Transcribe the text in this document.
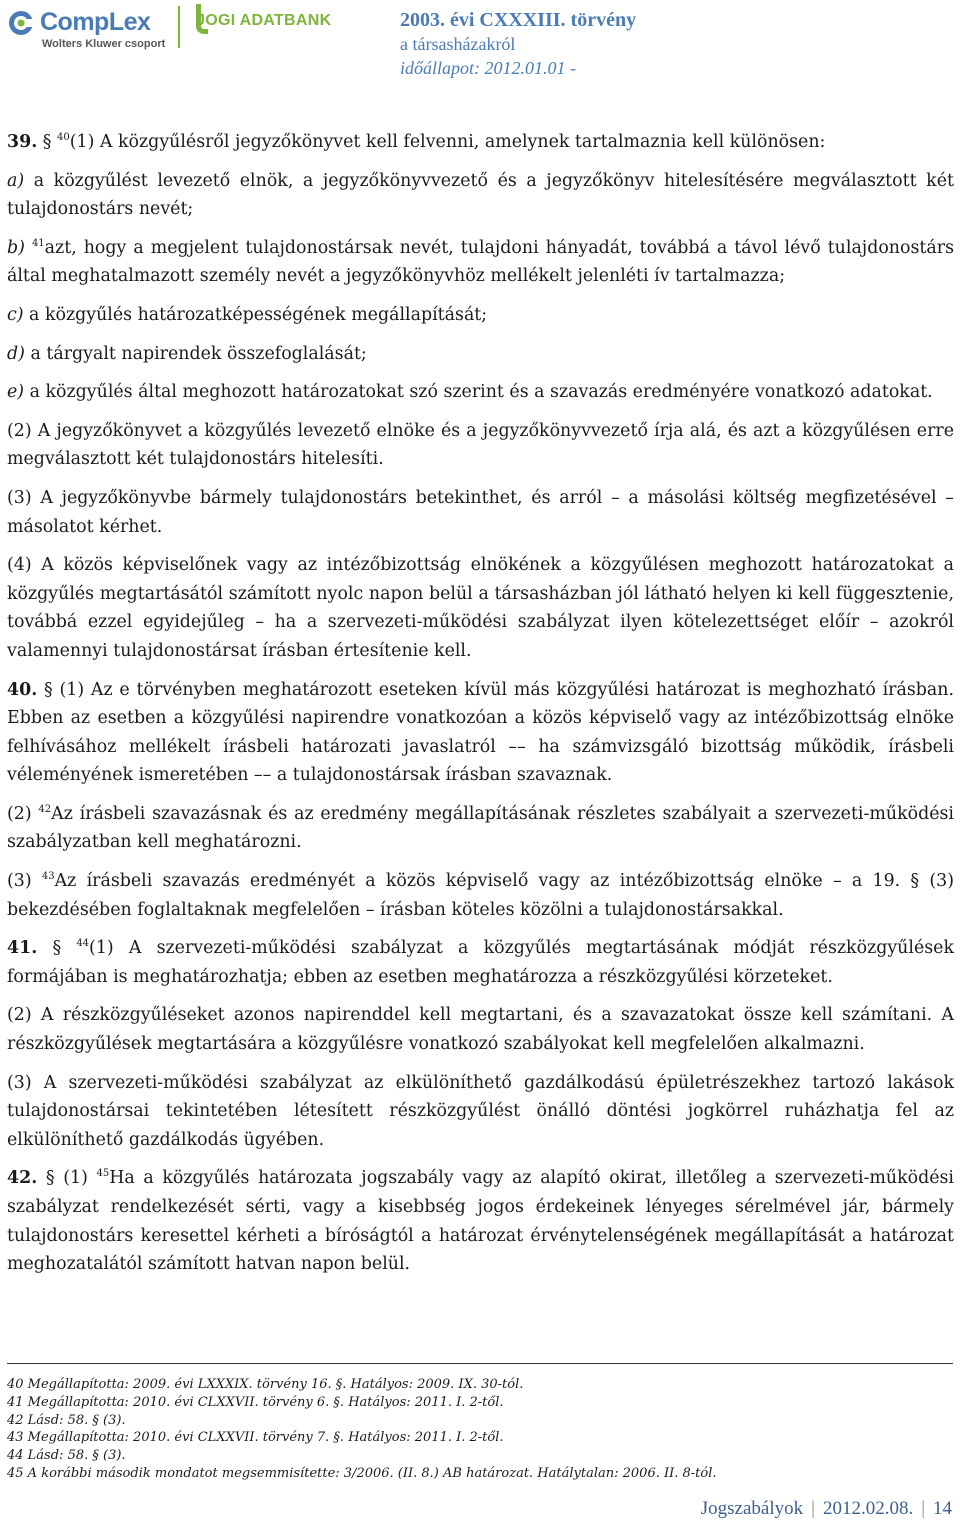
CompLex
Wolters Kluwer csoport
JOGI ADATBANK	2003. évi CXXXIII. törvény
a társasházakról
időállapot: 2012.01.01 -

39. § $^{40}$(1) A közgyűlésről jegyzőkönyvet kell felvenni, amelynek tartalmaznia kell különösen:

a) a közgyűlést levezető elnök, a jegyzőkönyvvezető és a jegyzőkönyv hitelesítésére megválasztott két tulajdonostárs nevét;

b) $^{41}$azt, hogy a megjelent tulajdonostársak nevét, tulajdoni hányadát, továbbá a távol lévő tulajdonostárs által meghatalmazott személy nevét a jegyzőkönyvhöz mellékelt jelenléti ív tartalmazza;

c) a közgyűlés határozatképességének megállapítását;

d) a tárgyalt napirendek összefoglalását;

e) a közgyűlés által meghozott határozatokat szó szerint és a szavazás eredményére vonatkozó adatokat.

(2) A jegyzőkönyvet a közgyűlés levezető elnöke és a jegyzőkönyvvezető írja alá, és azt a közgyűlésen erre megválasztott két tulajdonostárs hitelesíti.

(3) A jegyzőkönyvbe bármely tulajdonostárs betekinthet, és arról – a másolási költség megfizetésével – másolatot kérhet.

(4) A közös képviselőnek vagy az intézőbizottság elnökének a közgyűlésen meghozott határozatokat a közgyűlés megtartásától számított nyolc napon belül a társasházban jól látható helyen ki kell függesztenie, továbbá ezzel egyidejűleg – ha a szervezeti-működési szabályzat ilyen kötelezettséget előír – azokról valamennyi tulajdonostársat írásban értesítenie kell.

40. § (1) Az e törvényben meghatározott eseteken kívül más közgyűlési határozat is meghozható írásban. Ebben az esetben a közgyűlési napirendre vonatkozóan a közös képviselő vagy az intézőbizottság elnöke felhívásához mellékelt írásbeli határozati javaslatról –– ha számvizsgáló bizottság működik, írásbeli véleményének ismeretében –– a tulajdonostársak írásban szavaznak.

(2) $^{42}$Az írásbeli szavazásnak és az eredmény megállapításának részletes szabályait a szervezeti-működési szabályzatban kell meghatározni.

(3) $^{43}$Az írásbeli szavazás eredményét a közös képviselő vagy az intézőbizottság elnöke – a 19. § (3) bekezdésében foglaltaknak megfelelően – írásban köteles közölni a tulajdonostársakkal.

41. § $^{44}$(1) A szervezeti-működési szabályzat a közgyűlés megtartásának módját részközgyűlések formájában is meghatározhatja; ebben az esetben meghatározza a részközgyűlési körzeteket.

(2) A részközgyűléseket azonos napirenddel kell megtartani, és a szavazatokat össze kell számítani. A részközgyűlések megtartására a közgyűlésre vonatkozó szabályokat kell megfelelően alkalmazni.

(3) A szervezeti-működési szabályzat az elkülöníthető gazdálkodású épületrészekhez tartozó lakások tulajdonostársai tekintetében létesített részközgyűlést önálló döntési jogkörrel ruházhatja fel az elkülöníthető gazdálkodás ügyében.

42. § (1) $^{45}$Ha a közgyűlés határozata jogszabály vagy az alapító okirat, illetőleg a szervezeti-működési szabályzat rendelkezését sérti, vagy a kisebbség jogos érdekeinek lényeges sérelmével jár, bármely tulajdonostárs keresettel kérheti a bíróságtól a határozat érvénytelenségének megállapítását a határozat meghozatalától számított hatvan napon belül.

40 Megállapította: 2009. évi LXXXIX. törvény 16. §. Hatályos: 2009. IX. 30-tól.
41 Megállapította: 2010. évi CLXXVII. törvény 6. §. Hatályos: 2011. I. 2-től.
42 Lásd: 58. § (3).
43 Megállapította: 2010. évi CLXXVII. törvény 7. §. Hatályos: 2011. I. 2-től.
44 Lásd: 58. § (3).
45 A korábbi második mondatot megsemmisítette: 3/2006. (II. 8.) AB határozat. Hatálytalan: 2006. II. 8-tól.
Jogszabályok | 2012.02.08. | 14
